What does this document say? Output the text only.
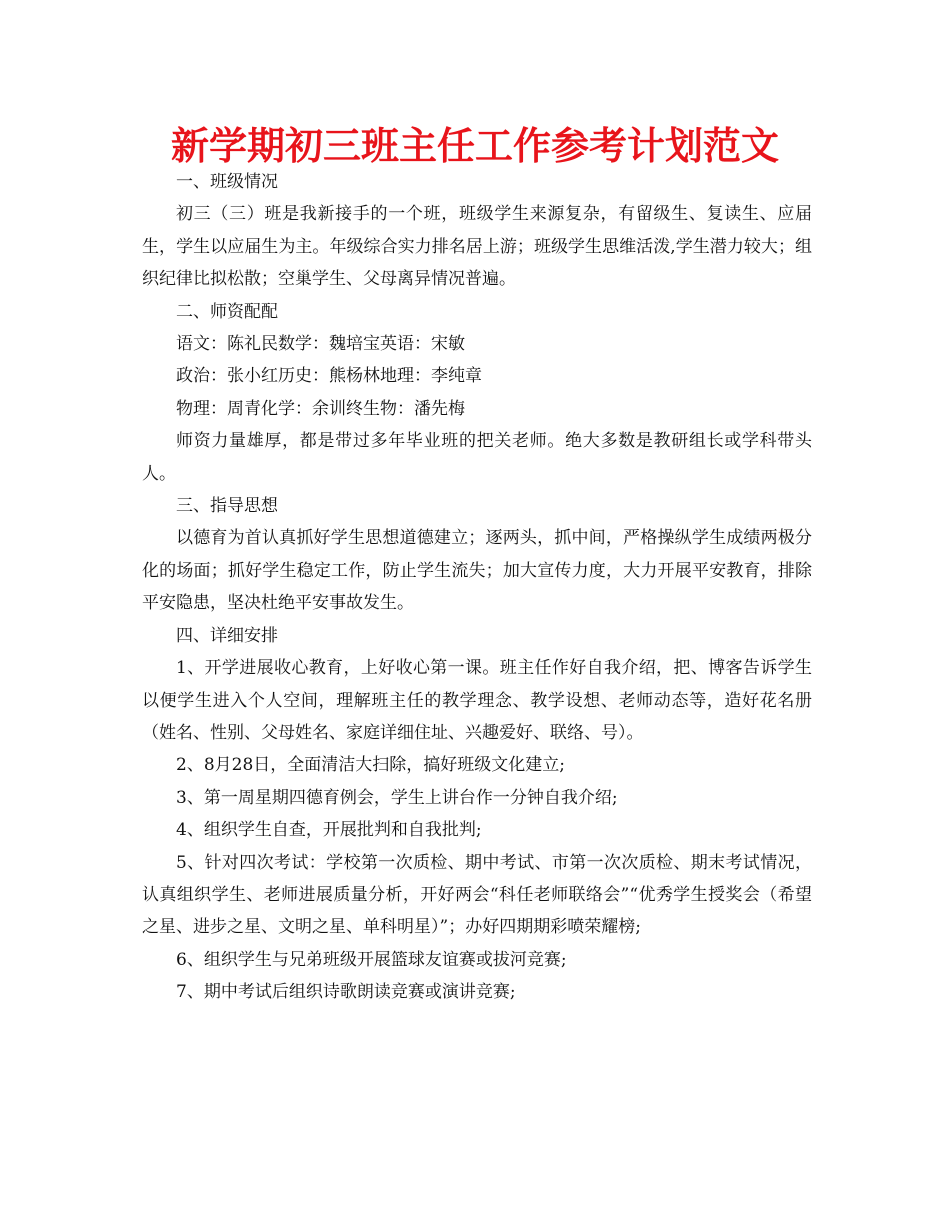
新学期初三班主任工作参考计划范文

一、班级情况

初三（三）班是我新接手的一个班，班级学生来源复杂，有留级生、复读生、应届生，学生以应届生为主。年级综合实力排名居上游；班级学生思维活泼,学生潜力较大；组织纪律比拟松散；空巢学生、父母离异情况普遍。

二、师资配配

语文：陈礼民数学：魏培宝英语：宋敏

政治：张小红历史：熊杨林地理：李纯章

物理：周青化学：余训终生物：潘先梅

师资力量雄厚，都是带过多年毕业班的把关老师。绝大多数是教研组长或学科带头人。

三、指导思想

以德育为首认真抓好学生思想道德建立；逐两头，抓中间，严格操纵学生成绩两极分化的场面；抓好学生稳定工作，防止学生流失；加大宣传力度，大力开展平安教育，排除平安隐患，坚决杜绝平安事故发生。

四、详细安排

1、开学进展收心教育，上好收心第一课。班主任作好自我介绍，把、博客告诉学生以便学生进入个人空间，理解班主任的教学理念、教学设想、老师动态等，造好花名册（姓名、性别、父母姓名、家庭详细住址、兴趣爱好、联络、号）。

2、8月28日，全面清洁大扫除，搞好班级文化建立;

3、第一周星期四德育例会，学生上讲台作一分钟自我介绍;

4、组织学生自查，开展批判和自我批判;

5、针对四次考试：学校第一次质检、期中考试、市第一次次质检、期末考试情况，认真组织学生、老师进展质量分析，开好两会“科任老师联络会”“优秀学生授奖会（希望之星、进步之星、文明之星、单科明星）”；办好四期期彩喷荣耀榜;

6、组织学生与兄弟班级开展篮球友谊赛或拔河竞赛;

7、期中考试后组织诗歌朗读竞赛或演讲竞赛;
